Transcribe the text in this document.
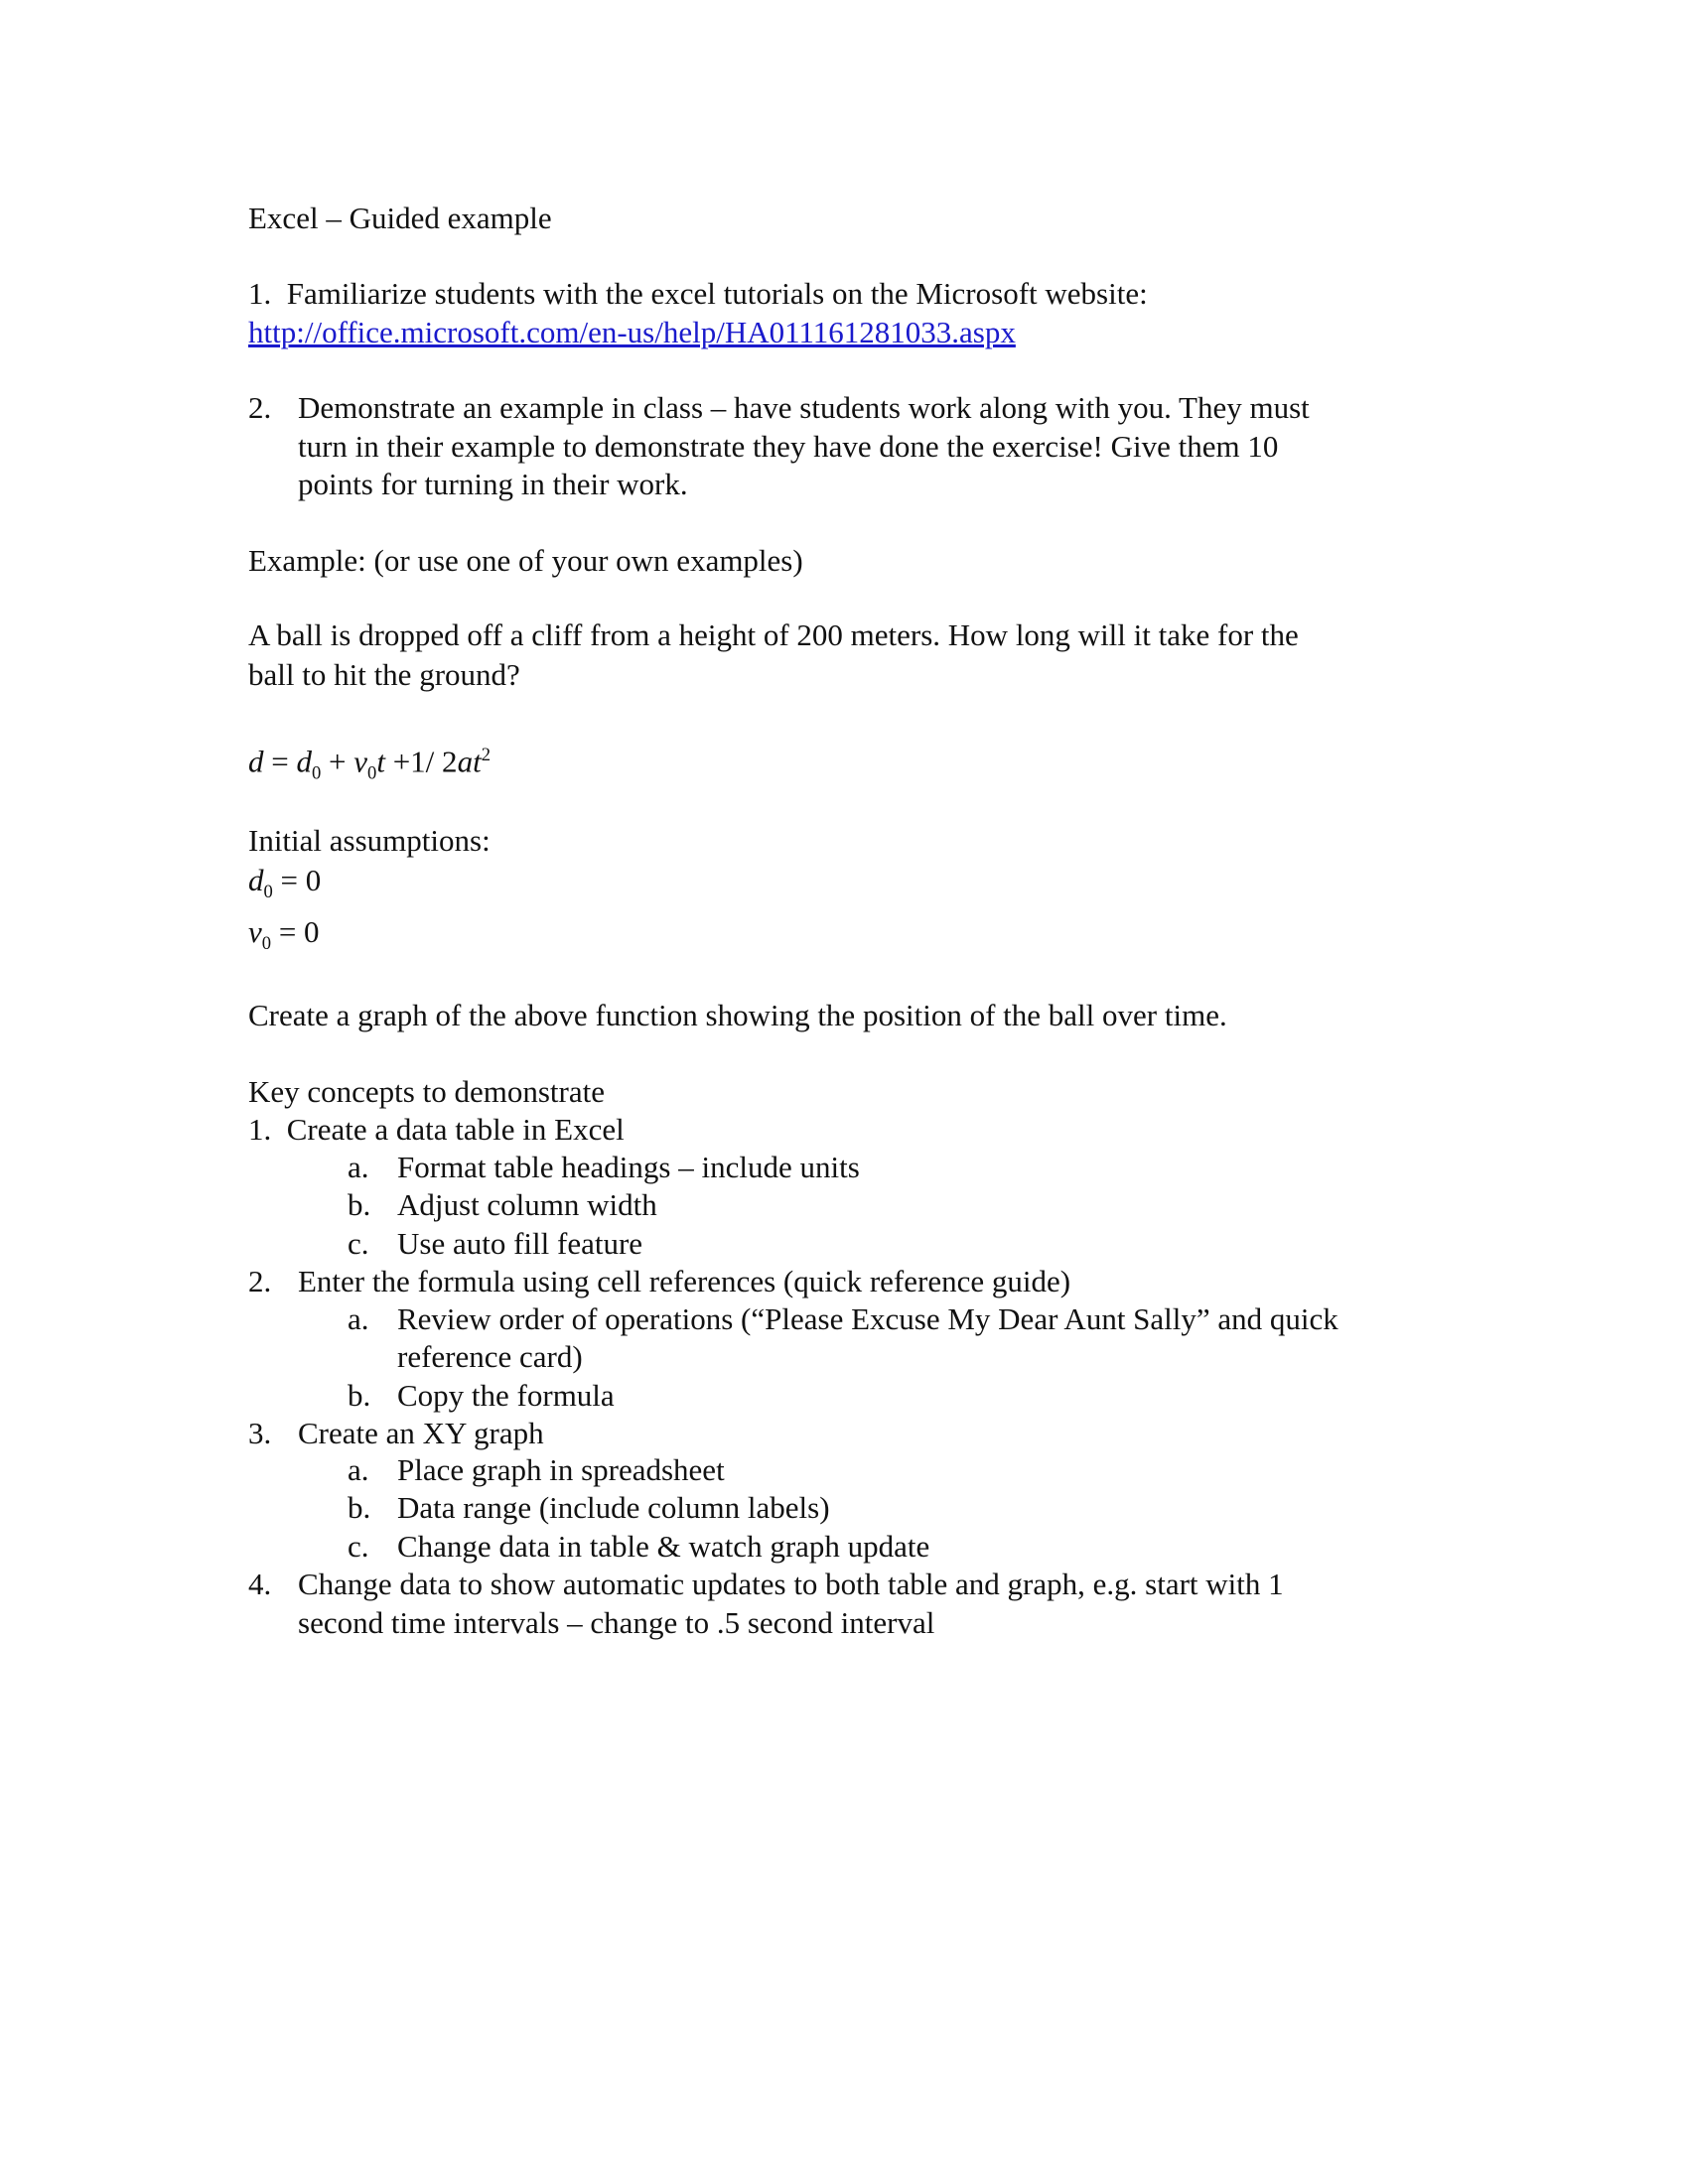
Excel – Guided example
1. Familiarize students with the excel tutorials on the Microsoft website:
http://office.microsoft.com/en-us/help/HA011161281033.aspx
2. Demonstrate an example in class – have students work along with you. They must
turn in their example to demonstrate they have done the exercise! Give them 10
points for turning in their work.
Example: (or use one of your own examples)
A ball is dropped off a cliff from a height of 200 meters. How long will it take for the
ball to hit the ground?
$d = d_0 + v_0t +1/$ $2at^2$
Initial assumptions:
$d_0 = 0$
$v_0 = 0$
Create a graph of the above function showing the position of the ball over time.
Key concepts to demonstrate
1. Create a data table in Excel
a. Format table headings – include units
b. Adjust column width
c. Use auto fill feature
2. Enter the formula using cell references (quick reference guide)
a. Review order of operations (“Please Excuse My Dear Aunt Sally” and quick
reference card)
b. Copy the formula
3. Create an XY graph
a. Place graph in spreadsheet
b. Data range (include column labels)
c. Change data in table & watch graph update
4. Change data to show automatic updates to both table and graph, e.g. start with 1
second time intervals – change to .5 second interval
